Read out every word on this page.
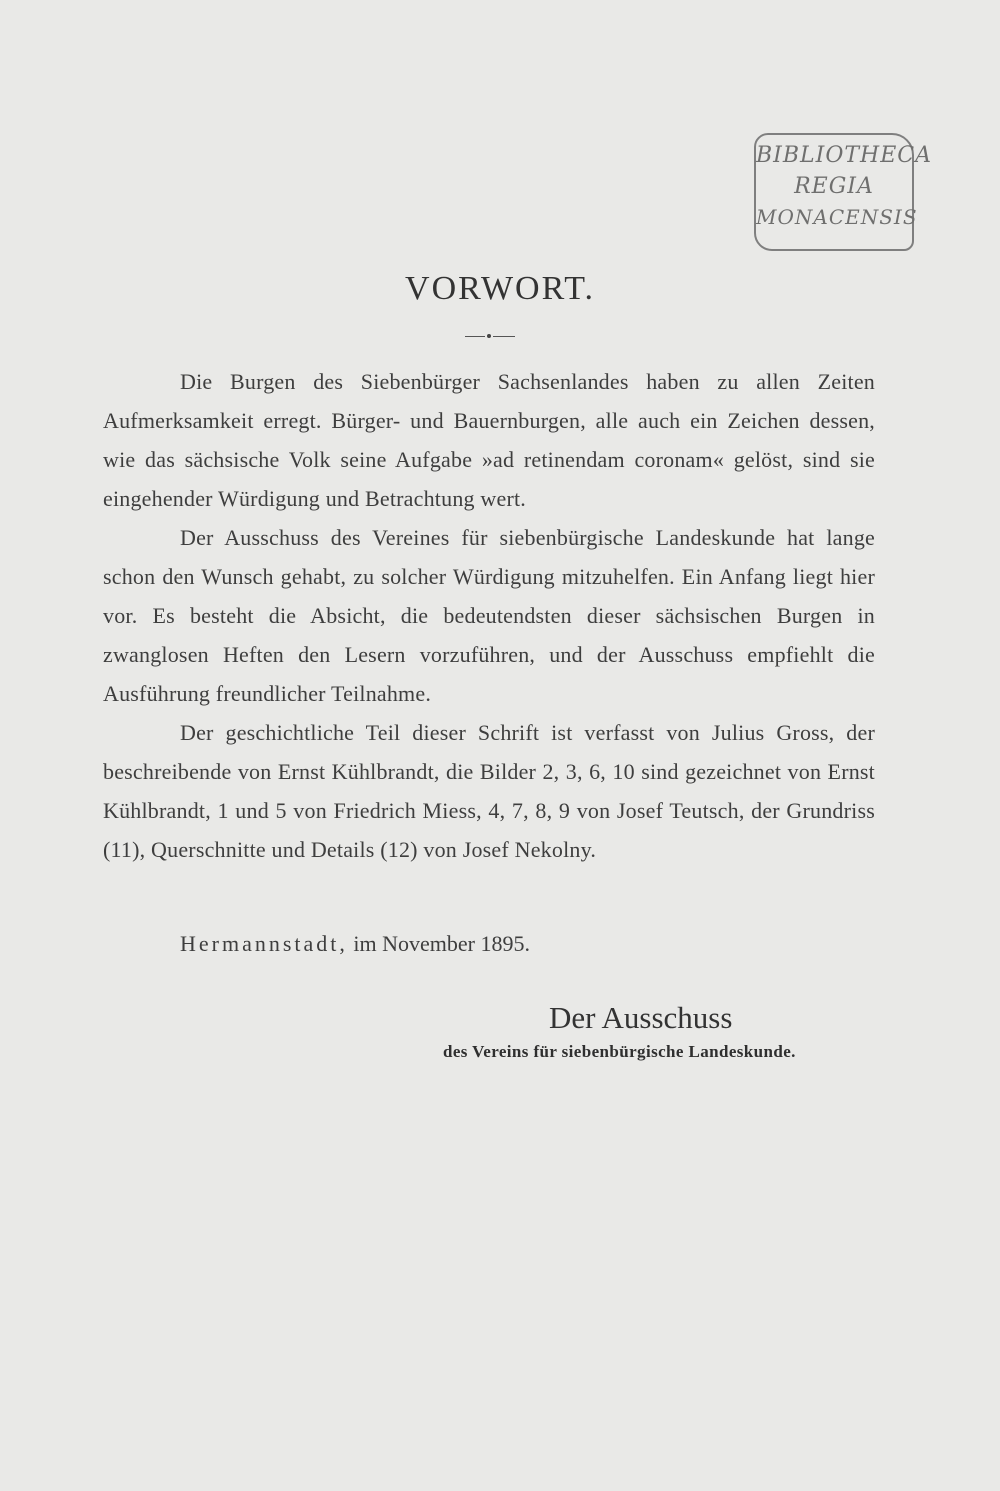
BIBLIOTHECA
REGIA
MONACENSIS
VORWORT.

Die Burgen des Siebenbürger Sachsenlandes haben zu allen Zeiten Aufmerksamkeit erregt. Bürger- und Bauernburgen, alle auch ein Zeichen dessen, wie das sächsische Volk seine Aufgabe »ad retinendam coronam« gelöst, sind sie eingehender Würdigung und Betrachtung wert.

Der Ausschuss des Vereines für siebenbürgische Landeskunde hat lange schon den Wunsch gehabt, zu solcher Würdigung mitzuhelfen. Ein Anfang liegt hier vor. Es besteht die Absicht, die bedeutendsten dieser sächsischen Burgen in zwanglosen Heften den Lesern vorzuführen, und der Ausschuss empfiehlt die Ausführung freundlicher Teilnahme.

Der geschichtliche Teil dieser Schrift ist verfasst von Julius Gross, der beschreibende von Ernst Kühlbrandt, die Bilder 2, 3, 6, 10 sind gezeichnet von Ernst Kühlbrandt, 1 und 5 von Friedrich Miess, 4, 7, 8, 9 von Josef Teutsch, der Grundriss (11), Querschnitte und Details (12) von Josef Nekolny.

Hermannstadt, im November 1895.
Der Ausschuss
des Vereins für siebenbürgische Landeskunde.
